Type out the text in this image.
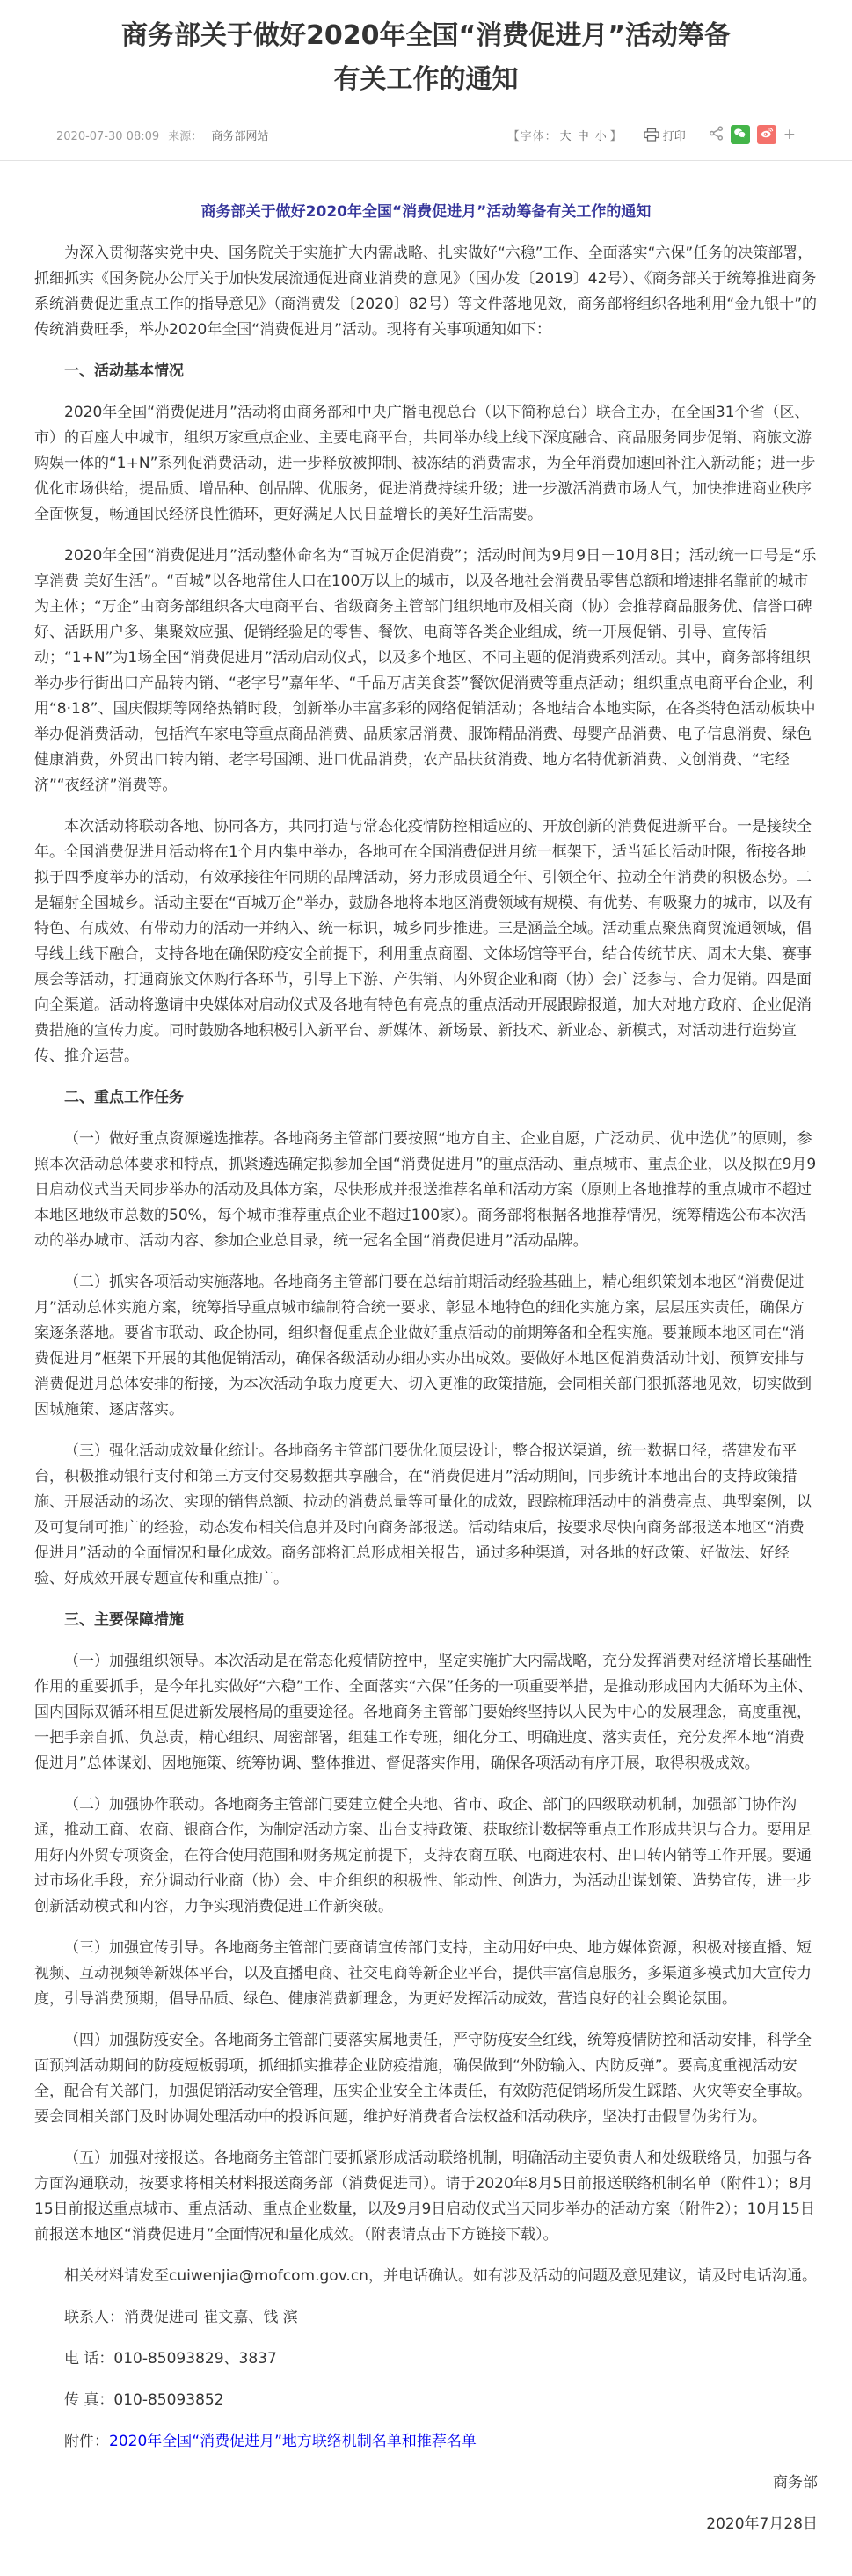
商务部关于做好2020年全国“消费促进月”活动筹备有关工作的通知
2020-07-30 08:09 来源： 商务部网站	【字体： 大 中 小 】	打印	+
商务部关于做好2020年全国“消费促进月”活动筹备有关工作的通知

为深入贯彻落实党中央、国务院关于实施扩大内需战略、扎实做好“六稳”工作、全面落实“六保”任务的决策部署，抓细抓实《国务院办公厅关于加快发展流通促进商业消费的意见》（国办发〔2019〕42号）、《商务部关于统筹推进商务系统消费促进重点工作的指导意见》（商消费发〔2020〕82号）等文件落地见效，商务部将组织各地利用“金九银十”的传统消费旺季，举办2020年全国“消费促进月”活动。现将有关事项通知如下：

一、活动基本情况

2020年全国“消费促进月”活动将由商务部和中央广播电视总台（以下简称总台）联合主办，在全国31个省（区、市）的百座大中城市，组织万家重点企业、主要电商平台，共同举办线上线下深度融合、商品服务同步促销、商旅文游购娱一体的“1+N”系列促消费活动，进一步释放被抑制、被冻结的消费需求，为全年消费加速回补注入新动能；进一步优化市场供给，提品质、增品种、创品牌、优服务，促进消费持续升级；进一步激活消费市场人气，加快推进商业秩序全面恢复，畅通国民经济良性循环，更好满足人民日益增长的美好生活需要。

2020年全国“消费促进月”活动整体命名为“百城万企促消费”；活动时间为9月9日－10月8日；活动统一口号是“乐享消费 美好生活”。“百城”以各地常住人口在100万以上的城市，以及各地社会消费品零售总额和增速排名靠前的城市为主体；“万企”由商务部组织各大电商平台、省级商务主管部门组织地市及相关商（协）会推荐商品服务优、信誉口碑好、活跃用户多、集聚效应强、促销经验足的零售、餐饮、电商等各类企业组成，统一开展促销、引导、宣传活动；“1+N”为1场全国“消费促进月”活动启动仪式，以及多个地区、不同主题的促消费系列活动。其中，商务部将组织举办步行街出口产品转内销、“老字号”嘉年华、“千品万店美食荟”餐饮促消费等重点活动；组织重点电商平台企业，利用“8·18”、国庆假期等网络热销时段，创新举办丰富多彩的网络促销活动；各地结合本地实际，在各类特色活动板块中举办促消费活动，包括汽车家电等重点商品消费、品质家居消费、服饰精品消费、母婴产品消费、电子信息消费、绿色健康消费，外贸出口转内销、老字号国潮、进口优品消费，农产品扶贫消费、地方名特优新消费、文创消费、“宅经济”“夜经济”消费等。

本次活动将联动各地、协同各方，共同打造与常态化疫情防控相适应的、开放创新的消费促进新平台。一是接续全年。全国消费促进月活动将在1个月内集中举办，各地可在全国消费促进月统一框架下，适当延长活动时限，衔接各地拟于四季度举办的活动，有效承接往年同期的品牌活动，努力形成贯通全年、引领全年、拉动全年消费的积极态势。二是辐射全国城乡。活动主要在“百城万企”举办，鼓励各地将本地区消费领域有规模、有优势、有吸聚力的城市，以及有特色、有成效、有带动力的活动一并纳入、统一标识，城乡同步推进。三是涵盖全域。活动重点聚焦商贸流通领域，倡导线上线下融合，支持各地在确保防疫安全前提下，利用重点商圈、文体场馆等平台，结合传统节庆、周末大集、赛事展会等活动，打通商旅文体购行各环节，引导上下游、产供销、内外贸企业和商（协）会广泛参与、合力促销。四是面向全渠道。活动将邀请中央媒体对启动仪式及各地有特色有亮点的重点活动开展跟踪报道，加大对地方政府、企业促消费措施的宣传力度。同时鼓励各地积极引入新平台、新媒体、新场景、新技术、新业态、新模式，对活动进行造势宣传、推介运营。

二、重点工作任务

（一）做好重点资源遴选推荐。各地商务主管部门要按照“地方自主、企业自愿，广泛动员、优中选优”的原则，参照本次活动总体要求和特点，抓紧遴选确定拟参加全国“消费促进月”的重点活动、重点城市、重点企业，以及拟在9月9日启动仪式当天同步举办的活动及具体方案，尽快形成并报送推荐名单和活动方案（原则上各地推荐的重点城市不超过本地区地级市总数的50%，每个城市推荐重点企业不超过100家）。商务部将根据各地推荐情况，统筹精选公布本次活动的举办城市、活动内容、参加企业总目录，统一冠名全国“消费促进月”活动品牌。

（二）抓实各项活动实施落地。各地商务主管部门要在总结前期活动经验基础上，精心组织策划本地区“消费促进月”活动总体实施方案，统筹指导重点城市编制符合统一要求、彰显本地特色的细化实施方案，层层压实责任，确保方案逐条落地。要省市联动、政企协同，组织督促重点企业做好重点活动的前期筹备和全程实施。要兼顾本地区同在“消费促进月”框架下开展的其他促销活动，确保各级活动办细办实办出成效。要做好本地区促消费活动计划、预算安排与消费促进月总体安排的衔接，为本次活动争取力度更大、切入更准的政策措施，会同相关部门狠抓落地见效，切实做到因城施策、逐店落实。

（三）强化活动成效量化统计。各地商务主管部门要优化顶层设计，整合报送渠道，统一数据口径，搭建发布平台，积极推动银行支付和第三方支付交易数据共享融合，在“消费促进月”活动期间，同步统计本地出台的支持政策措施、开展活动的场次、实现的销售总额、拉动的消费总量等可量化的成效，跟踪梳理活动中的消费亮点、典型案例，以及可复制可推广的经验，动态发布相关信息并及时向商务部报送。活动结束后，按要求尽快向商务部报送本地区“消费促进月”活动的全面情况和量化成效。商务部将汇总形成相关报告，通过多种渠道，对各地的好政策、好做法、好经验、好成效开展专题宣传和重点推广。

三、主要保障措施

（一）加强组织领导。本次活动是在常态化疫情防控中，坚定实施扩大内需战略，充分发挥消费对经济增长基础性作用的重要抓手，是今年扎实做好“六稳”工作、全面落实“六保”任务的一项重要举措，是推动形成国内大循环为主体、国内国际双循环相互促进新发展格局的重要途径。各地商务主管部门要始终坚持以人民为中心的发展理念，高度重视，一把手亲自抓、负总责，精心组织、周密部署，组建工作专班，细化分工、明确进度、落实责任，充分发挥本地“消费促进月”总体谋划、因地施策、统筹协调、整体推进、督促落实作用，确保各项活动有序开展，取得积极成效。

（二）加强协作联动。各地商务主管部门要建立健全央地、省市、政企、部门的四级联动机制，加强部门协作沟通，推动工商、农商、银商合作，为制定活动方案、出台支持政策、获取统计数据等重点工作形成共识与合力。要用足用好内外贸专项资金，在符合使用范围和财务规定前提下，支持农商互联、电商进农村、出口转内销等工作开展。要通过市场化手段，充分调动行业商（协）会、中介组织的积极性、能动性、创造力，为活动出谋划策、造势宣传，进一步创新活动模式和内容，力争实现消费促进工作新突破。

（三）加强宣传引导。各地商务主管部门要商请宣传部门支持，主动用好中央、地方媒体资源，积极对接直播、短视频、互动视频等新媒体平台，以及直播电商、社交电商等新企业平台，提供丰富信息服务，多渠道多模式加大宣传力度，引导消费预期，倡导品质、绿色、健康消费新理念，为更好发挥活动成效，营造良好的社会舆论氛围。

（四）加强防疫安全。各地商务主管部门要落实属地责任，严守防疫安全红线，统筹疫情防控和活动安排，科学全面预判活动期间的防疫短板弱项，抓细抓实推荐企业防疫措施，确保做到“外防输入、内防反弹”。要高度重视活动安全，配合有关部门，加强促销活动安全管理，压实企业安全主体责任，有效防范促销场所发生踩踏、火灾等安全事故。要会同相关部门及时协调处理活动中的投诉问题，维护好消费者合法权益和活动秩序，坚决打击假冒伪劣行为。

（五）加强对接报送。各地商务主管部门要抓紧形成活动联络机制，明确活动主要负责人和处级联络员，加强与各方面沟通联动，按要求将相关材料报送商务部（消费促进司）。请于2020年8月5日前报送联络机制名单（附件1）；8月15日前报送重点城市、重点活动、重点企业数量，以及9月9日启动仪式当天同步举办的活动方案（附件2）；10月15日前报送本地区“消费促进月”全面情况和量化成效。（附表请点击下方链接下载）。

相关材料请发至cuiwenjia@mofcom.gov.cn，并电话确认。如有涉及活动的问题及意见建议，请及时电话沟通。

联系人：消费促进司 崔文嘉、钱 滨

电 话：010-85093829、3837

传 真：010-85093852

附件：2020年全国“消费促进月”地方联络机制名单和推荐名单

商务部

2020年7月28日
